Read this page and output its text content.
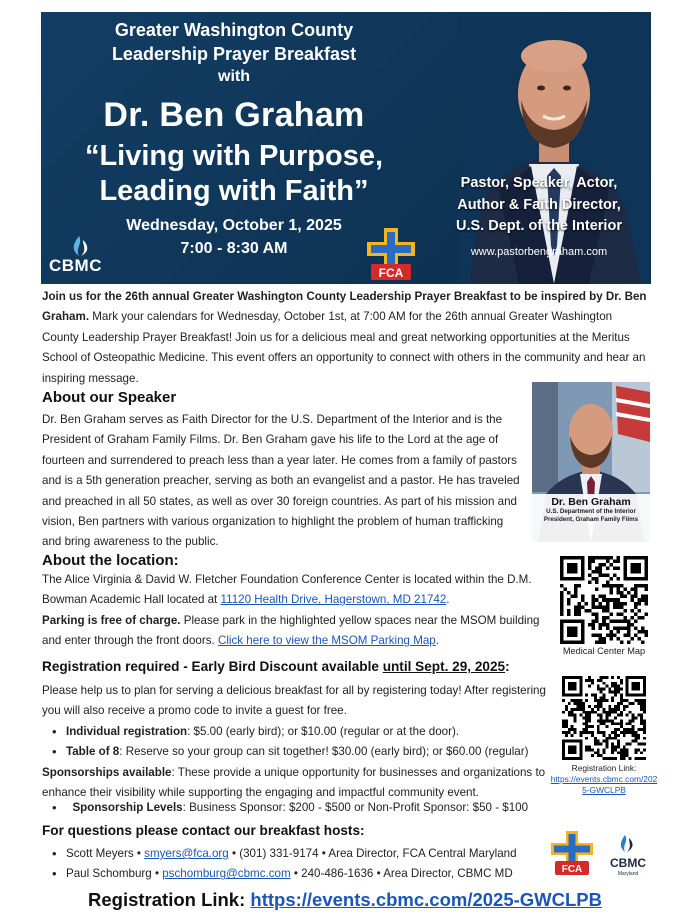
Greater Washington County
Leadership Prayer Breakfast
with
Dr. Ben Graham
“Living with Purpose,
Leading with Faith”
Wednesday, October 1, 2025
7:00 - 8:30 AM
Pastor, Speaker, Actor,
Author & Faith Director,
U.S. Dept. of the Interior
www.pastorbengraham.com
CBMC	FCA
Join us for the 26th annual Greater Washington County Leadership Prayer Breakfast to be inspired by Dr. Ben Graham. Mark your calendars for Wednesday, October 1st, at 7:00 AM for the 26th annual Greater Washington County Leadership Prayer Breakfast! Join us for a delicious meal and great networking opportunities at the Meritus School of Osteopathic Medicine. This event offers an opportunity to connect with others in the community and hear an inspiring message.
About our Speaker
Dr. Ben Graham serves as Faith Director for the U.S. Department of the Interior and is the President of Graham Family Films. Dr. Ben Graham gave his life to the Lord at the age of fourteen and surrendered to preach less than a year later. He comes from a family of pastors and is a 5th generation preacher, serving as both an evangelist and a pastor. He has traveled and preached in all 50 states, as well as over 30 foreign countries. As part of his mission and vision, Ben partners with various organization to highlight the problem of human trafficking and bring awareness to the public.
Dr. Ben Graham
U.S. Department of the Interior
President, Graham Family Films
About the location:
The Alice Virginia & David W. Fletcher Foundation Conference Center is located within the D.M. Bowman Academic Hall located at 11120 Health Drive, Hagerstown, MD 21742.
Parking is free of charge. Please park in the highlighted yellow spaces near the MSOM building and enter through the front doors. Click here to view the MSOM Parking Map.
Medical Center Map
Registration required - Early Bird Discount available until Sept. 29, 2025:
Please help us to plan for serving a delicious breakfast for all by registering today! After registering you will also receive a promo code to invite a guest for free.
• Individual registration: $5.00 (early bird); or $10.00 (regular or at the door).
• Table of 8: Reserve so your group can sit together! $30.00 (early bird); or $60.00 (regular)
Sponsorships available: These provide a unique opportunity for businesses and organizations to enhance their visibility while supporting the engaging and impactful community event.
• Sponsorship Levels: Business Sponsor: $200 - $500 or Non-Profit Sponsor: $50 - $100
Registration Link:
https://events.cbmc.com/2025-GWCLPB
For questions please contact our breakfast hosts:
• Scott Meyers • smyers@fca.org • (301) 331-9174 • Area Director, FCA Central Maryland
• Paul Schomburg • pschomburg@cbmc.com • 240-486-1636 • Area Director, CBMC MD	FCA CBMC
Maryland
Registration Link: https://events.cbmc.com/2025-GWCLPB
